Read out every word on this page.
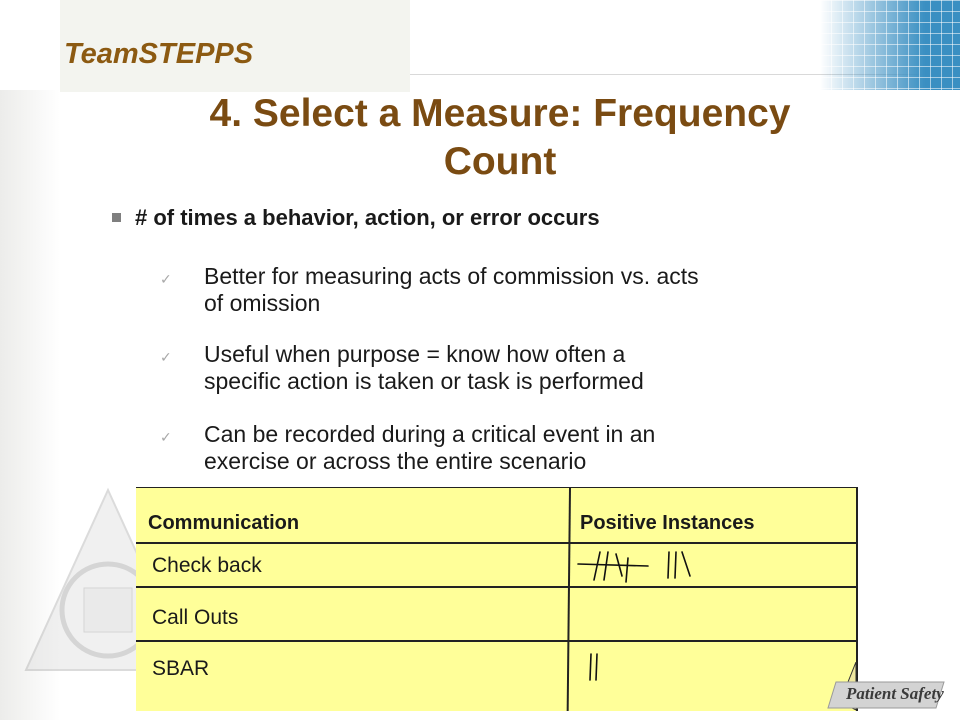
TeamSTEPPS
4. Select a Measure: Frequency
Count
# of times a behavior, action, or error occurs
✓ Better for measuring acts of commission vs. acts
of omission
✓ Useful when purpose = know how often a
specific action is taken or task is performed
✓ Can be recorded during a critical event in an
exercise or across the entire scenario
Communication	Positive Instances
Check back
Call Outs
SBAR
Patient Safety
